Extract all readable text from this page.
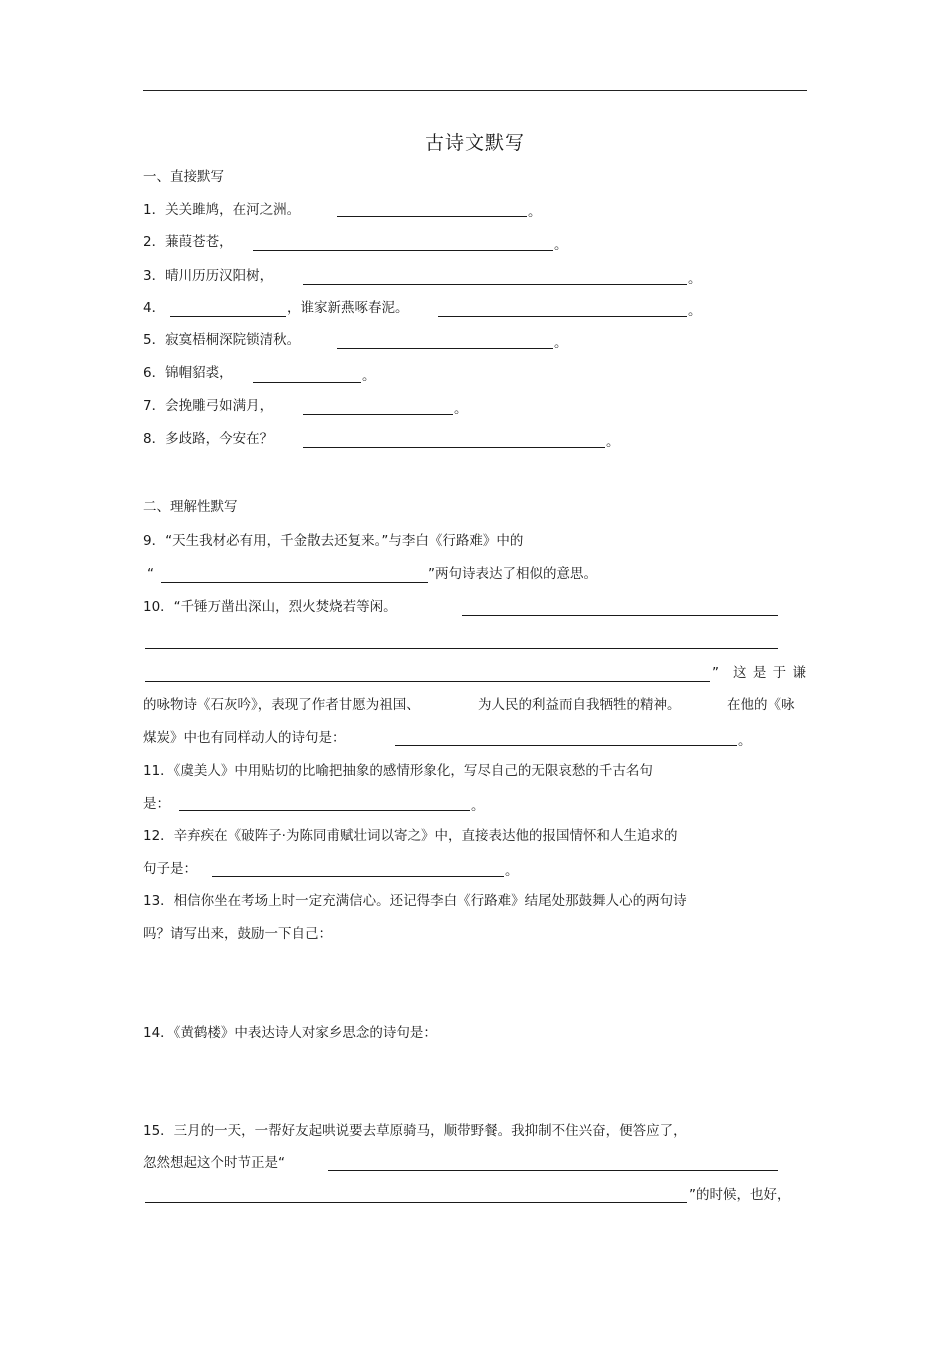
古诗文默写
一、直接默写
1．关关雎鸠，在河之洲。	。
2．蒹葭苍苍，	。
3．晴川历历汉阳树，	。
4．	，谁家新燕啄春泥。	。
5．寂寞梧桐深院锁清秋。	。
6．锦帽貂裘，	。
7．会挽雕弓如满月，	。
8．多歧路，今安在？	。
二、理解性默写
9．“天生我材必有用，千金散去还复来。”与李白《行路难》中的
“	”两句诗表达了相似的意思。
10．“千锤万凿出深山，烈火焚烧若等闲。
” 这 是 于 谦
的咏物诗《石灰吟》，表现了作者甘愿为祖国、	为人民的利益而自我牺牲的精神。	在他的《咏
煤炭》中也有同样动人的诗句是：	。
11．《虞美人》中用贴切的比喻把抽象的感情形象化，写尽自己的无限哀愁的千古名句
是：	。
12．辛弃疾在《破阵子·为陈同甫赋壮词以寄之》中，直接表达他的报国情怀和人生追求的
句子是：	。
13．相信你坐在考场上时一定充满信心。还记得李白《行路难》结尾处那鼓舞人心的两句诗
吗？请写出来，鼓励一下自己：
14．《黄鹤楼》中表达诗人对家乡思念的诗句是：
15．三月的一天，一帮好友起哄说要去草原骑马，顺带野餐。我抑制不住兴奋，便答应了，
忽然想起这个时节正是“
”的时候，也好，
